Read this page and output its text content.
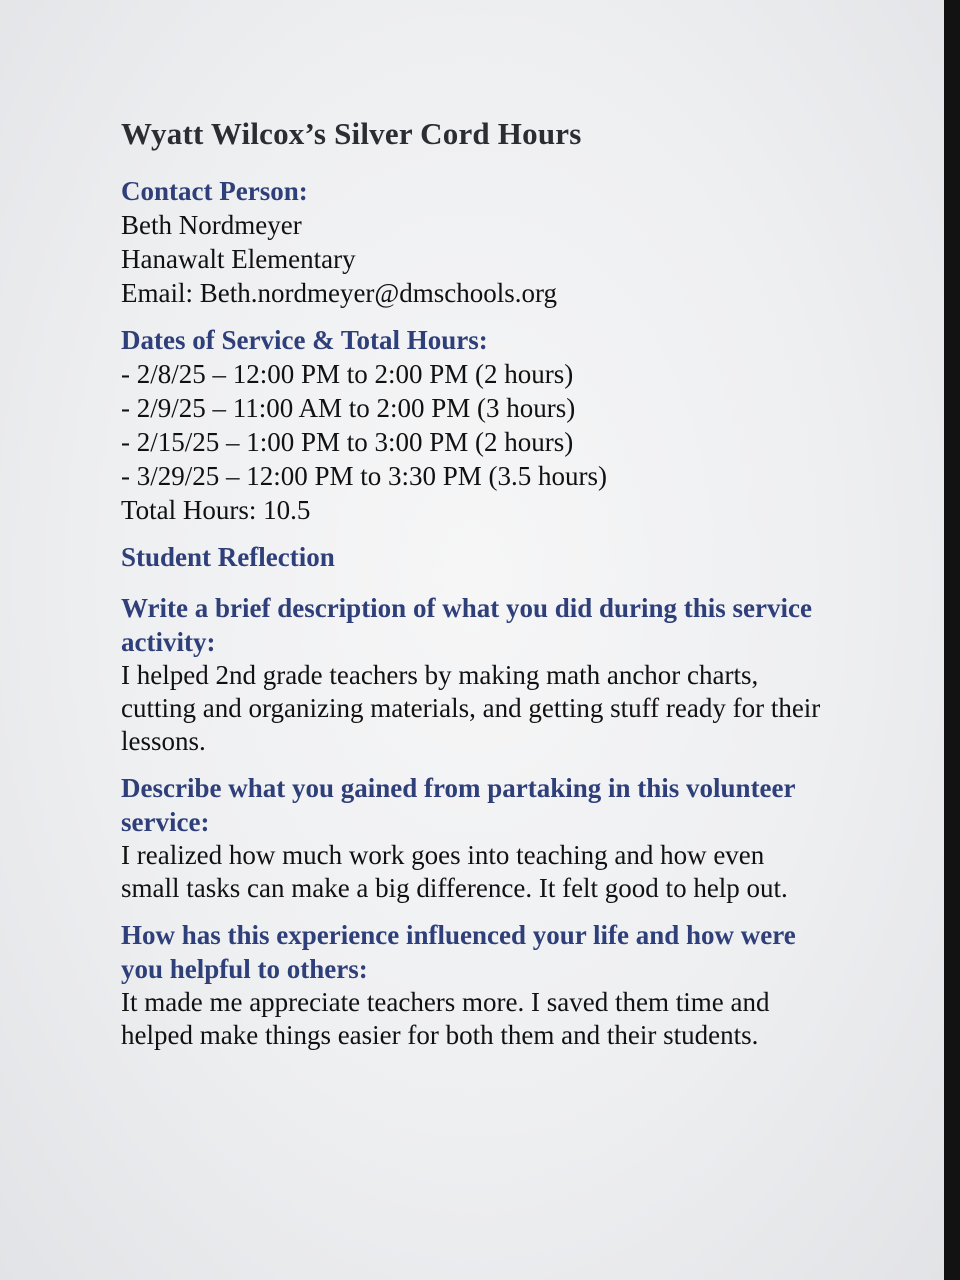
Wyatt Wilcox’s Silver Cord Hours
Contact Person:
Beth Nordmeyer
Hanawalt Elementary
Email: Beth.nordmeyer@dmschools.org
Dates of Service & Total Hours:
- 2/8/25 – 12:00 PM to 2:00 PM (2 hours)
- 2/9/25 – 11:00 AM to 2:00 PM (3 hours)
- 2/15/25 – 1:00 PM to 3:00 PM (2 hours)
- 3/29/25 – 12:00 PM to 3:30 PM (3.5 hours)
Total Hours: 10.5
Student Reflection
Write a brief description of what you did during this service activity:
I helped 2nd grade teachers by making math anchor charts, cutting and organizing materials, and getting stuff ready for their lessons.
Describe what you gained from partaking in this volunteer service:
I realized how much work goes into teaching and how even small tasks can make a big difference. It felt good to help out.
How has this experience influenced your life and how were you helpful to others:
It made me appreciate teachers more. I saved them time and helped make things easier for both them and their students.
